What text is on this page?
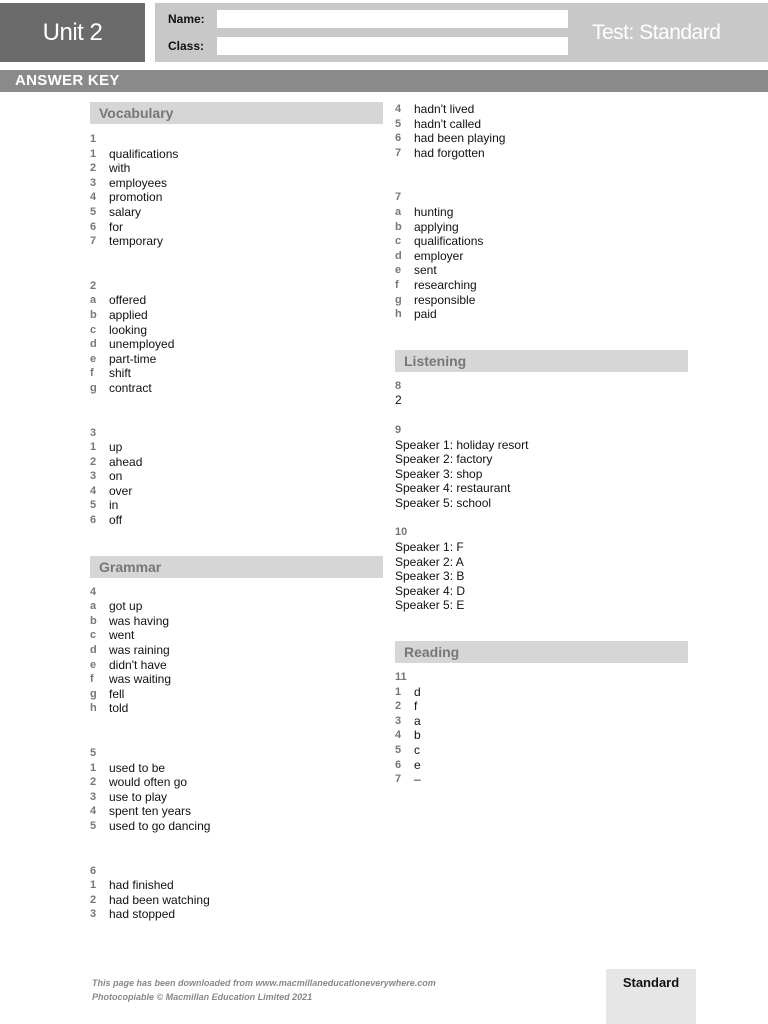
Unit 2	Name:
Class:
Test: Standard
ANSWER KEY
Vocabulary
1
1	qualifications
2	with
3	employees
4	promotion
5	salary
6	for
7	temporary
2
a	offered
b	applied
c	looking
d	unemployed
e	part-time
f	shift
g	contract
3
1	up
2	ahead
3	on
4	over
5	in
6	off
Grammar
4
a	got up
b	was having
c	went
d	was raining
e	didn't have
f	was waiting
g	fell
h	told
5
1	used to be
2	would often go
3	use to play
4	spent ten years
5	used to go dancing
6
1	had finished
2	had been watching
3	had stopped
4	hadn't lived
5	hadn't called
6	had been playing
7	had forgotten
7
a	hunting
b	applying
c	qualifications
d	employer
e	sent
f	researching
g	responsible
h	paid
Listening
8
2
9
Speaker 1: holiday resort
Speaker 2: factory
Speaker 3: shop
Speaker 4: restaurant
Speaker 5: school
10
Speaker 1: F
Speaker 2: A
Speaker 3: B
Speaker 4: D
Speaker 5: E
Reading
11
1	d
2	f
3	a
4	b
5	c
6	e
7	–
This page has been downloaded from www.macmillaneducationeverywhere.com
Photocopiable © Macmillan Education Limited 2021
Standard
